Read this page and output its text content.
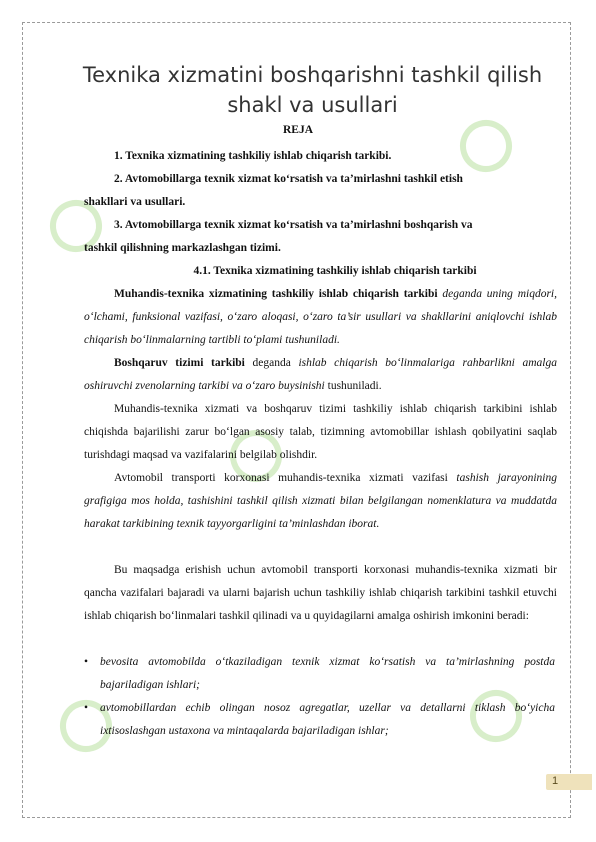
Texnika xizmatini boshqarishni tashkil qilish shakl va usullari
REJA
1. Texnika xizmatining tashkiliy ishlab chiqarish tarkibi.
2. Avtomobillarga texnik xizmat ko‘rsatish va ta’mirlashni tashkil etish
shakllari va usullari.
3. Avtomobillarga texnik xizmat ko‘rsatish va ta’mirlashni boshqarish va
tashkil qilishning markazlashgan tizimi.
4.1. Texnika xizmatining tashkiliy ishlab chiqarish tarkibi
Muhandis-texnika xizmatining tashkiliy ishlab chiqarish tarkibi deganda uning miqdori, o‘lchami, funksional vazifasi, o‘zaro aloqasi, o‘zaro ta’sir usullari va shakllarini aniqlovchi ishlab chiqarish bo‘linmalarning tartibli to‘plami tushuniladi.
Boshqaruv tizimi tarkibi deganda ishlab chiqarish bo‘linmalariga rahbarlikni amalga oshiruvchi zvenolarning tarkibi va o‘zaro buysinishi tushuniladi.
Muhandis-texnika xizmati va boshqaruv tizimi tashkiliy ishlab chiqarish tarkibini ishlab chiqishda bajarilishi zarur bo‘lgan asosiy talab, tizimning avtomobillar ishlash qobilyatini saqlab turishdagi maqsad va vazifalarini belgilab olishdir.
Avtomobil transporti korxonasi muhandis-texnika xizmati vazifasi tashish jarayonining grafigiga mos holda, tashishini tashkil qilish xizmati bilan belgilangan nomenklatura va muddatda harakat tarkibining texnik tayyorgarligini ta’minlashdan iborat.
Bu maqsadga erishish uchun avtomobil transporti korxonasi muhandis-texnika xizmati bir qancha vazifalari bajaradi va ularni bajarish uchun tashkiliy ishlab chiqarish tarkibini tashkil etuvchi ishlab chiqarish bo‘linmalari tashkil qilinadi va u quyidagilarni amalga oshirish imkonini beradi:
•	bevosita avtomobilda o‘tkaziladigan texnik xizmat ko‘rsatish va ta’mirlashning postda bajariladigan ishlari;
•	avtomobillardan echib olingan nosoz agregatlar, uzellar va detallarni tiklash bo‘yicha ixtisoslashgan ustaxona va mintaqalarda bajariladigan ishlar;
1
